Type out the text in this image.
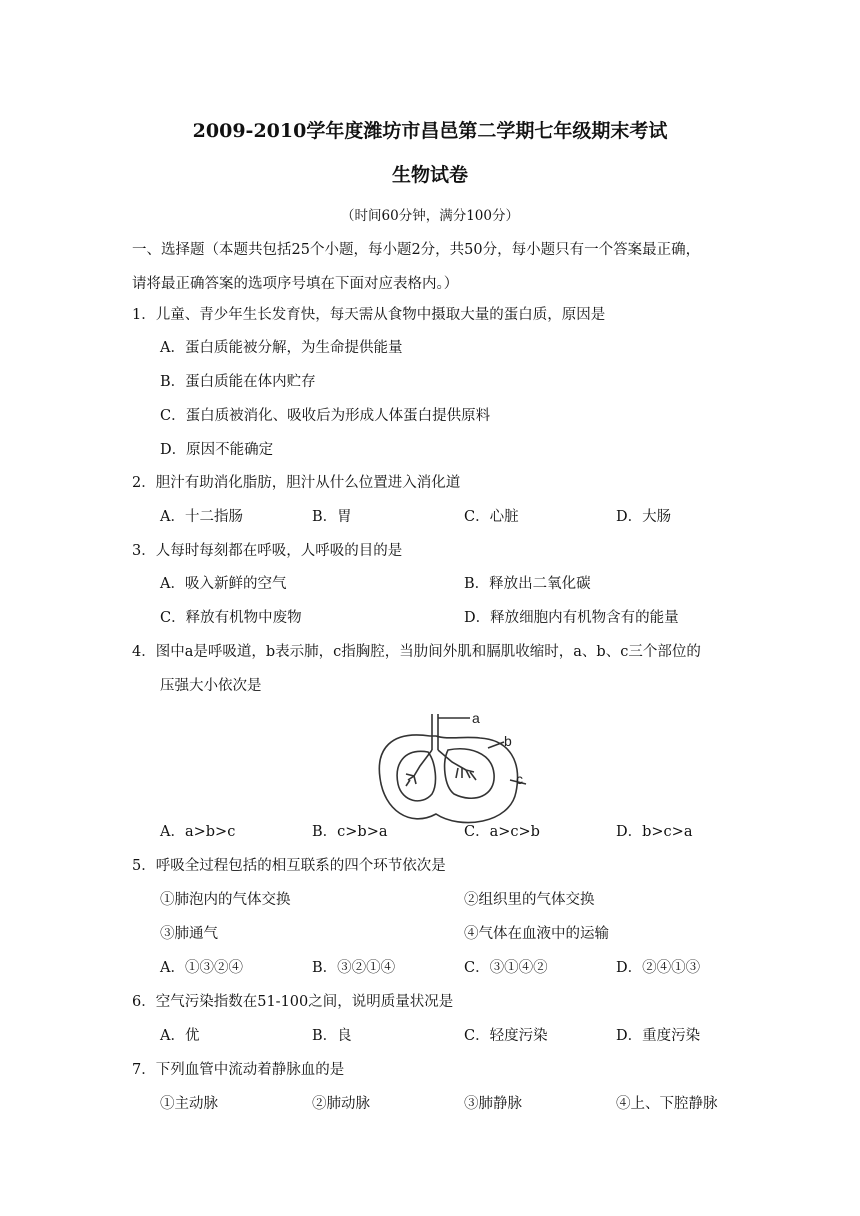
2009-2010学年度潍坊市昌邑第二学期七年级期末考试
生物试卷
（时间60分钟，满分100分）
一、选择题（本题共包括25个小题，每小题2分，共50分，每小题只有一个答案最正确，
请将最正确答案的选项序号填在下面对应表格内。）
1．儿童、青少年生长发育快，每天需从食物中摄取大量的蛋白质，原因是
A．蛋白质能被分解，为生命提供能量
B．蛋白质能在体内贮存
C．蛋白质被消化、吸收后为形成人体蛋白提供原料
D．原因不能确定
2．胆汁有助消化脂肪，胆汁从什么位置进入消化道
A．十二指肠	B．胃	C．心脏	D．大肠
3．人每时每刻都在呼吸，人呼吸的目的是
A．吸入新鲜的空气	B．释放出二氧化碳
C．释放有机物中废物	D．释放细胞内有机物含有的能量
4．图中a是呼吸道，b表示肺，c指胸腔，当肋间外肌和膈肌收缩时，a、b、c三个部位的
压强大小依次是
a
b
c
A．a>b>c	B．c>b>a	C．a>c>b	D．b>c>a
5．呼吸全过程包括的相互联系的四个环节依次是
①肺泡内的气体交换	②组织里的气体交换
③肺通气	④气体在血液中的运输
A．①③②④	B．③②①④	C．③①④②	D．②④①③
6．空气污染指数在51-100之间，说明质量状况是
A．优	B．良	C．轻度污染	D．重度污染
7．下列血管中流动着静脉血的是
①主动脉	②肺动脉	③肺静脉	④上、下腔静脉
